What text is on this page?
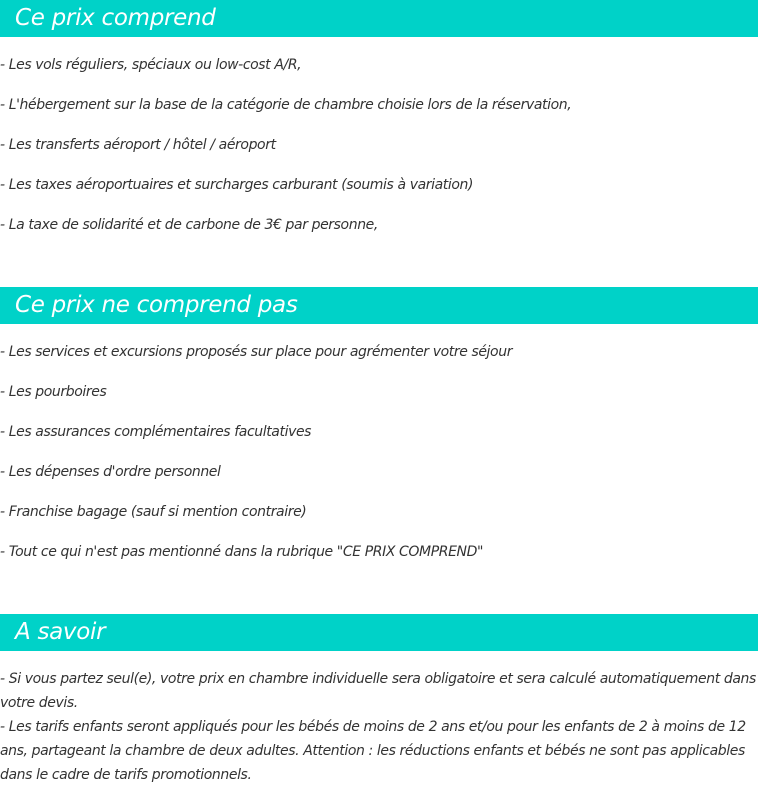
Ce prix comprend

- Les vols réguliers, spéciaux ou low-cost A/R,

- L'hébergement sur la base de la catégorie de chambre choisie lors de la réservation,

- Les transferts aéroport / hôtel / aéroport

- Les taxes aéroportuaires et surcharges carburant (soumis à variation)

- La taxe de solidarité et de carbone de 3€ par personne,

Ce prix ne comprend pas

- Les services et excursions proposés sur place pour agrémenter votre séjour

- Les pourboires

- Les assurances complémentaires facultatives

- Les dépenses d'ordre personnel

- Franchise bagage (sauf si mention contraire)

- Tout ce qui n'est pas mentionné dans la rubrique "CE PRIX COMPREND"

A savoir

- Si vous partez seul(e), votre prix en chambre individuelle sera obligatoire et sera calculé automatiquement dans votre devis.

- Les tarifs enfants seront appliqués pour les bébés de moins de 2 ans et/ou pour les enfants de 2 à moins de 12 ans, partageant la chambre de deux adultes. Attention : les réductions enfants et bébés ne sont pas applicables dans le cadre de tarifs promotionnels.
